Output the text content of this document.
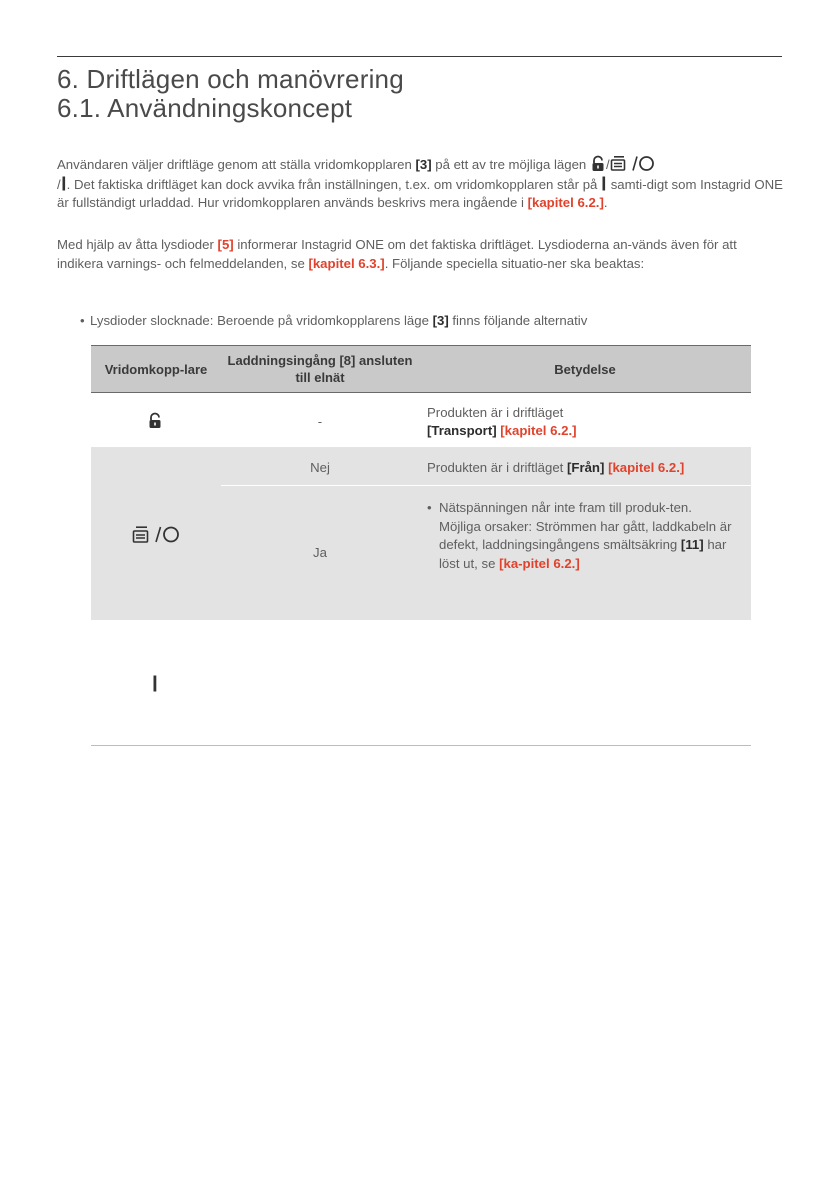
6. Driftlägen och manövrering
6.1. Användningskoncept
Användaren väljer driftläge genom att ställa vridomkopplaren [3] på ett av tre möjliga lägen /
/ . Det faktiska driftläget kan dock avvika från inställningen, t.ex. om vridomkopplaren står på  samti-digt som Instagrid ONE är fullständigt urladdad. Hur vridomkopplaren används beskrivs mera ingående i [kapitel 6.2.].
Med hjälp av åtta lysdioder [5] informerar Instagrid ONE om det faktiska driftläget. Lysdioderna an-vänds även för att indikera varnings- och felmeddelanden, se [kapitel 6.3.]. Följande speciella situatio-ner ska beaktas:
• Lysdioder slocknade: Beroende på vridomkopplarens läge [3] finns följande alternativ
Vridomkopp-lare
Laddningsingång [8] ansluten till elnät
Betydelse
-
Produkten är i driftläget
[Transport] [kapitel 6.2.]
Nej	Produkten är i driftläget [Från] [kapitel 6.2.]
Ja
• Nätspänningen når inte fram till produk-ten. Möjliga orsaker: Strömmen har gått, laddkabeln är defekt, laddningsingångens smältsäkring [11] har löst ut, se [ka-pitel 6.2.]
